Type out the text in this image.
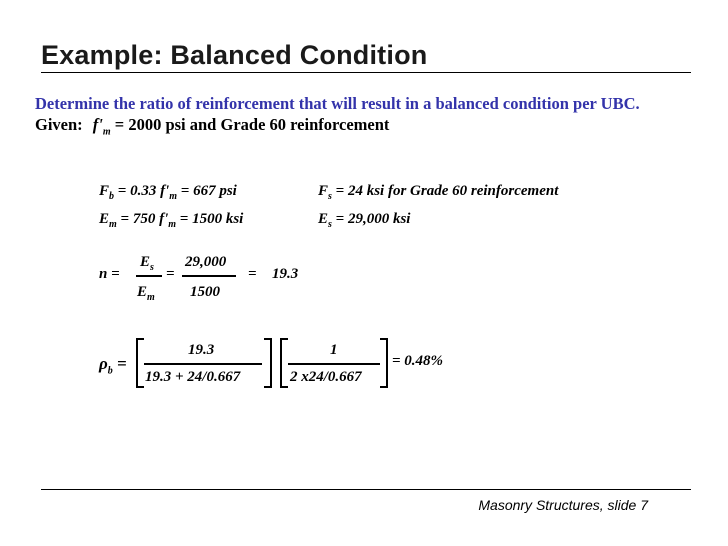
Example: Balanced Condition
Determine the ratio of reinforcement that will result in a balanced condition per UBC.
Given: $f'_m = 2000$ psi and Grade 60 reinforcement
$F_b = 0.33$ $f'_m = 667$ psi	$F_s = 24$ ksi for Grade 60 reinforcement
$E_m = 750$ $f'_m = 1500$ ksi	$E_s = 29,000$ ksi
n =
$E_s$
$E_m$
=
29,000
1500
= 19.3
$\rho_b$ =
19.3
19.3 + 24/0.667
1
2 x24/0.667
= 0.48%
Masonry Structures, slide 7
